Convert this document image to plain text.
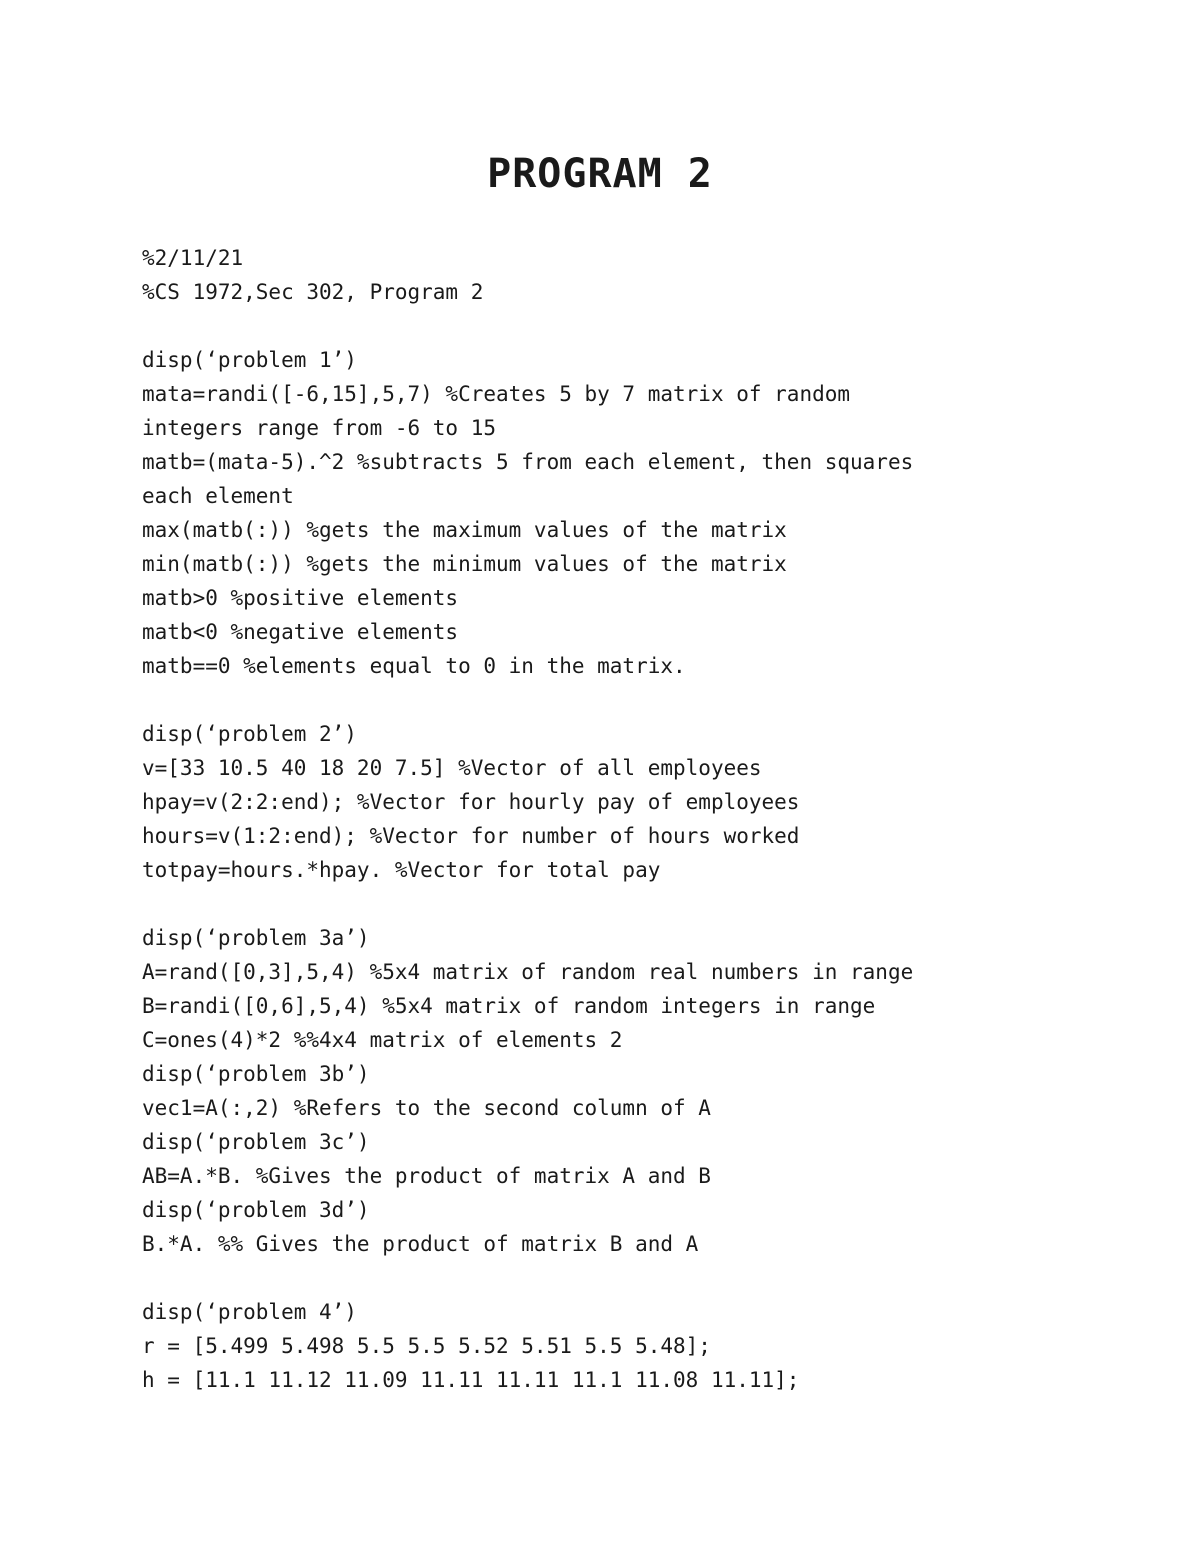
PROGRAM 2
%2/11/21
%CS 1972,Sec 302, Program 2
disp(‘problem 1’)
mata=randi([-6,15],5,7) %Creates 5 by 7 matrix of random
integers range from -6 to 15
matb=(mata-5).^2 %subtracts 5 from each element, then squares
each element
max(matb(:)) %gets the maximum values of the matrix
min(matb(:)) %gets the minimum values of the matrix
matb>0 %positive elements
matb<0 %negative elements
matb==0 %elements equal to 0 in the matrix.
disp(‘problem 2’)
v=[33 10.5 40 18 20 7.5] %Vector of all employees
hpay=v(2:2:end); %Vector for hourly pay of employees
hours=v(1:2:end); %Vector for number of hours worked
totpay=hours.*hpay. %Vector for total pay
disp(‘problem 3a’)
A=rand([0,3],5,4) %5x4 matrix of random real numbers in range
B=randi([0,6],5,4) %5x4 matrix of random integers in range
C=ones(4)*2 %%4x4 matrix of elements 2
disp(‘problem 3b’)
vec1=A(:,2) %Refers to the second column of A
disp(‘problem 3c’)
AB=A.*B. %Gives the product of matrix A and B
disp(‘problem 3d’)
B.*A. %% Gives the product of matrix B and A
disp(‘problem 4’)
r = [5.499 5.498 5.5 5.5 5.52 5.51 5.5 5.48];
h = [11.1 11.12 11.09 11.11 11.11 11.1 11.08 11.11];
